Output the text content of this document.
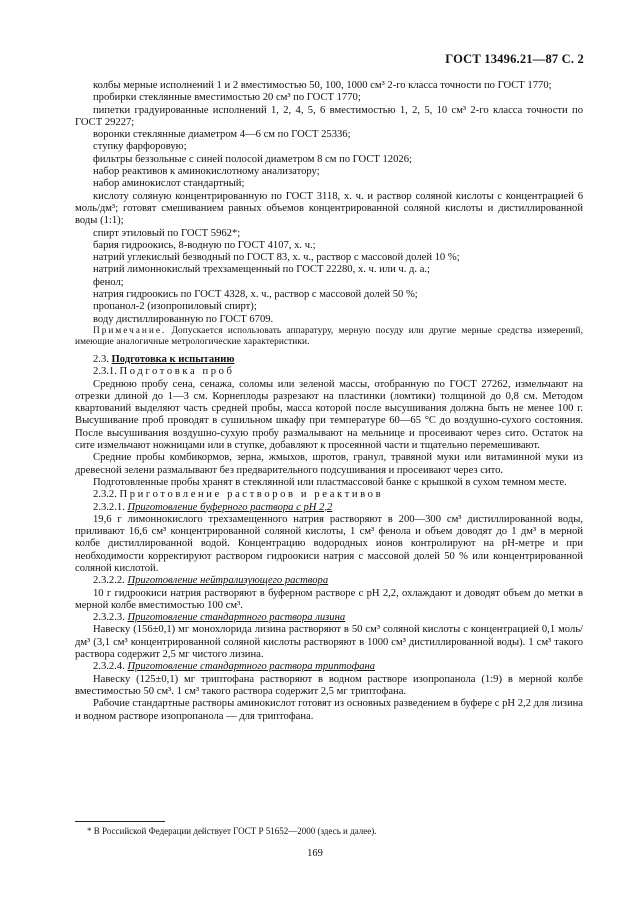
ГОСТ 13496.21—87 С. 2

колбы мерные исполнений 1 и 2 вместимостью 50, 100, 1000 см³ 2-го класса точности по ГОСТ 1770;

пробирки стеклянные вместимостью 20 см³ по ГОСТ 1770;

пипетки градуированные исполнений 1, 2, 4, 5, 6 вместимостью 1, 2, 5, 10 см³ 2-го класса точности по ГОСТ 29227;

воронки стеклянные диаметром 4—6 см по ГОСТ 25336;

ступку фарфоровую;

фильтры беззольные с синей полосой диаметром 8 см по ГОСТ 12026;

набор реактивов к аминокислотному анализатору;

набор аминокислот стандартный;

кислоту соляную концентрированную по ГОСТ 3118, х. ч. и раствор соляной кислоты с концентрацией 6 моль/дм³; готовят смешиванием равных объемов концентрированной соляной кислоты и дистиллированной воды (1:1);

спирт этиловый по ГОСТ 5962*;

бария гидроокись, 8-водную по ГОСТ 4107, х. ч.;

натрий углекислый безводный по ГОСТ 83, х. ч., раствор с массовой долей 10 %;

натрий лимоннокислый трехзамещенный по ГОСТ 22280, х. ч. или ч. д. а.;

фенол;

натрия гидроокись по ГОСТ 4328, х. ч., раствор с массовой долей 50 %;

пропанол-2 (изопропиловый спирт);

воду дистиллированную по ГОСТ 6709.

Примечание. Допускается использовать аппаратуру, мерную посуду или другие мерные средства измерений, имеющие аналогичные метрологические характеристики.

2.3. Подготовка к испытанию

2.3.1. Подготовка проб

Среднюю пробу сена, сенажа, соломы или зеленой массы, отобранную по ГОСТ 27262, измельчают на отрезки длиной до 1—3 см. Корнеплоды разрезают на пластинки (ломтики) толщиной до 0,8 см. Методом квартований выделяют часть средней пробы, масса которой после высушивания должна быть не менее 100 г. Высушивание проб проводят в сушильном шкафу при температуре 60—65 °С до воздушно-сухого состояния. После высушивания воздушно-сухую пробу размалывают на мельнице и просеивают через сито. Остаток на сите измельчают ножницами или в ступке, добавляют к просеянной части и тщательно перемешивают.

Средние пробы комбикормов, зерна, жмыхов, шротов, гранул, травяной муки или витаминной муки из древесной зелени размалывают без предварительного подсушивания и просеивают через сито.

Подготовленные пробы хранят в стеклянной или пластмассовой банке с крышкой в сухом темном месте.

2.3.2. Приготовление растворов и реактивов

2.3.2.1. Приготовление буферного раствора с рН 2,2

19,6 г лимоннокислого трехзамещенного натрия растворяют в 200—300 см³ дистиллированной воды, приливают 16,6 см³ концентрированной соляной кислоты, 1 см³ фенола и объем доводят до 1 дм³ в мерной колбе дистиллированной водой. Концентрацию водородных ионов контролируют на рН-метре и при необходимости корректируют раствором гидроокиси натрия с массовой долей 50 % или концентрированной соляной кислотой.

2.3.2.2. Приготовление нейтрализующего раствора

10 г гидроокиси натрия растворяют в буферном растворе с рН 2,2, охлаждают и доводят объем до метки в мерной колбе вместимостью 100 см³.

2.3.2.3. Приготовление стандартного раствора лизина

Навеску (156±0,1) мг монохлорида лизина растворяют в 50 см³ соляной кислоты с концентрацией 0,1 моль/дм³ (3,1 см³ концентрированной соляной кислоты растворяют в 1000 см³ дистиллированной воды). 1 см³ такого раствора содержит 2,5 мг чистого лизина.

2.3.2.4. Приготовление стандартного раствора триптофана

Навеску (125±0,1) мг триптофана растворяют в водном растворе изопропанола (1:9) в мерной колбе вместимостью 50 см³. 1 см³ такого раствора содержит 2,5 мг триптофана.

Рабочие стандартные растворы аминокислот готовят из основных разведением в буфере с рН 2,2 для лизина и водном растворе изопропанола — для триптофана.

* В Российской Федерации действует ГОСТ Р 51652—2000 (здесь и далее).
169
